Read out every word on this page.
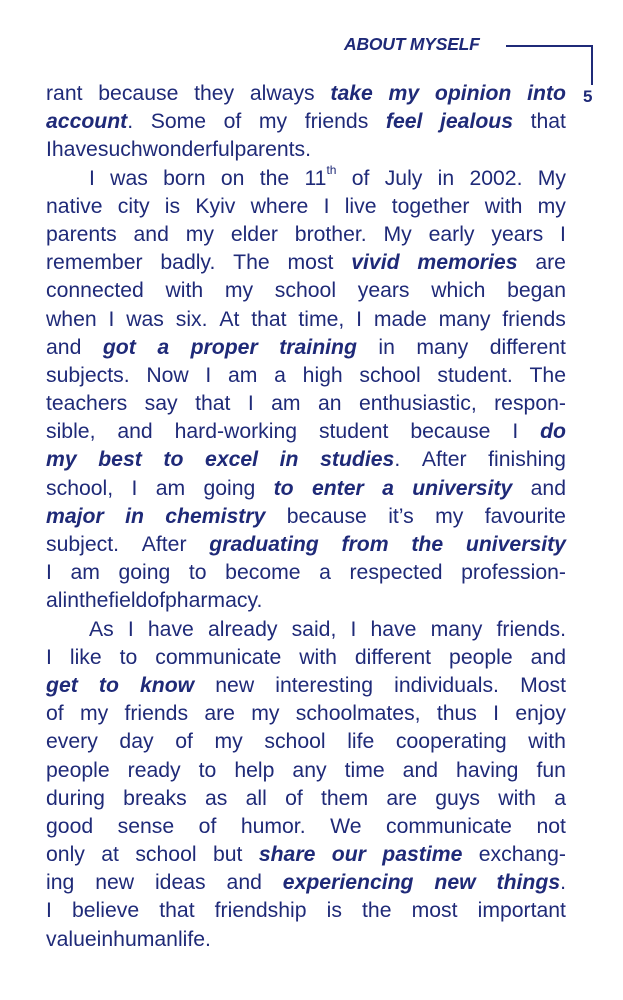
ABOUT MYSELF
5
rant because they always take my opinion into
account. Some of my friends feel jealous that
I have such wonderful parents.
I was born on the 11th of July in 2002. My
native city is Kyiv where I live together with my
parents and my elder brother. My early years I
remember badly. The most vivid memories are
connected with my school years which began
when I was six. At that time, I made many friends
and got a proper training in many different
subjects. Now I am a high school student. The
teachers say that I am an enthusiastic, respon-
sible, and hard-working student because I do
my best to excel in studies. After finishing
school, I am going to enter a university and
major in chemistry because it’s my favourite
subject. After graduating from the university
I am going to become a respected profession-
al in the field of pharmacy.
As I have already said, I have many friends.
I like to communicate with different people and
get to know new interesting individuals. Most
of my friends are my schoolmates, thus I enjoy
every day of my school life cooperating with
people ready to help any time and having fun
during breaks as all of them are guys with a
good sense of humor. We communicate not
only at school but share our pastime exchang-
ing new ideas and experiencing new things.
I believe that friendship is the most important
value in human life.
